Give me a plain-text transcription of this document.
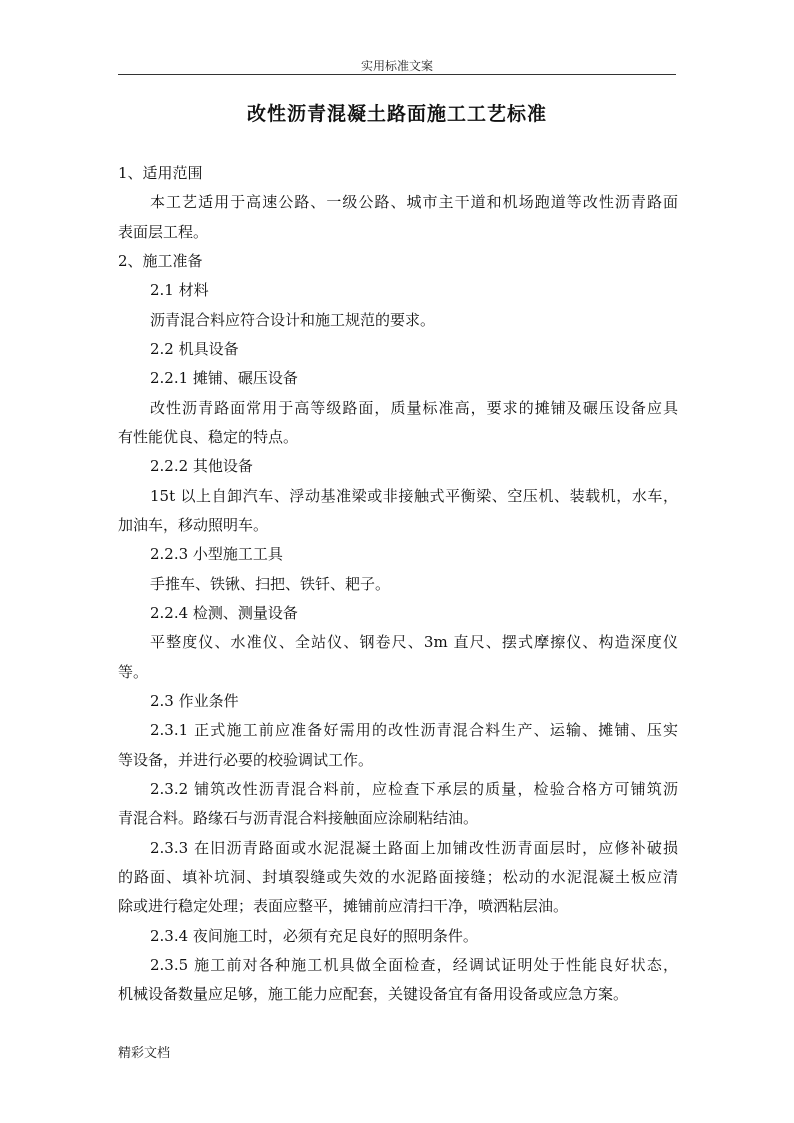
实用标准文案
改性沥青混凝土路面施工工艺标准
1、适用范围
本工艺适用于高速公路、一级公路、城市主干道和机场跑道等改性沥青路面
表面层工程。
2、施工准备
2.1 材料
沥青混合料应符合设计和施工规范的要求。
2.2 机具设备
2.2.1 摊铺、碾压设备
改性沥青路面常用于高等级路面，质量标准高，要求的摊铺及碾压设备应具
有性能优良、稳定的特点。
2.2.2 其他设备
15t 以上自卸汽车、浮动基准梁或非接触式平衡梁、空压机、装载机，水车，
加油车，移动照明车。
2.2.3 小型施工工具
手推车、铁锹、扫把、铁钎、耙子。
2.2.4 检测、测量设备
平整度仪、水准仪、全站仪、钢卷尺、3m 直尺、摆式摩擦仪、构造深度仪
等。
2.3 作业条件
2.3.1 正式施工前应准备好需用的改性沥青混合料生产、运输、摊铺、压实
等设备，并进行必要的校验调试工作。
2.3.2 铺筑改性沥青混合料前，应检查下承层的质量，检验合格方可铺筑沥
青混合料。路缘石与沥青混合料接触面应涂刷粘结油。
2.3.3 在旧沥青路面或水泥混凝土路面上加铺改性沥青面层时，应修补破损
的路面、填补坑洞、封填裂缝或失效的水泥路面接缝；松动的水泥混凝土板应清
除或进行稳定处理；表面应整平，摊铺前应清扫干净，喷洒粘层油。
2.3.4 夜间施工时，必须有充足良好的照明条件。
2.3.5 施工前对各种施工机具做全面检查，经调试证明处于性能良好状态，
机械设备数量应足够，施工能力应配套，关键设备宜有备用设备或应急方案。
精彩文档
